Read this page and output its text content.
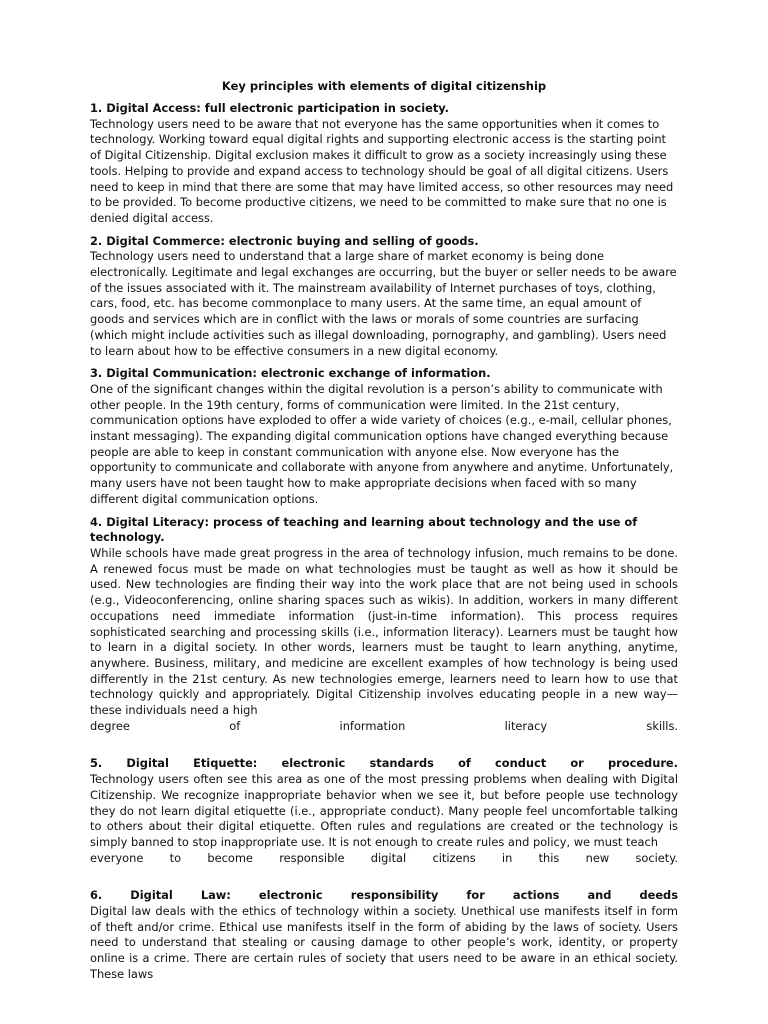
Key principles with elements of digital citizenship
1. Digital Access: full electronic participation in society.
Technology users need to be aware that not everyone has the same opportunities when it comes to technology. Working toward equal digital rights and supporting electronic access is the starting point of Digital Citizenship. Digital exclusion makes it difficult to grow as a society increasingly using these tools. Helping to provide and expand access to technology should be goal of all digital citizens. Users need to keep in mind that there are some that may have limited access, so other resources may need to be provided. To become productive citizens, we need to be committed to make sure that no one is denied digital access.
2. Digital Commerce: electronic buying and selling of goods.
Technology users need to understand that a large share of market economy is being done electronically. Legitimate and legal exchanges are occurring, but the buyer or seller needs to be aware of the issues associated with it. The mainstream availability of Internet purchases of toys, clothing, cars, food, etc. has become commonplace to many users. At the same time, an equal amount of goods and services which are in conflict with the laws or morals of some countries are surfacing (which might include activities such as illegal downloading, pornography, and gambling). Users need to learn about how to be effective consumers in a new digital economy.
3. Digital Communication: electronic exchange of information.
One of the significant changes within the digital revolution is a person’s ability to communicate with other people. In the 19th century, forms of communication were limited. In the 21st century, communication options have exploded to offer a wide variety of choices (e.g., e-mail, cellular phones, instant messaging). The expanding digital communication options have changed everything because people are able to keep in constant communication with anyone else. Now everyone has the opportunity to communicate and collaborate with anyone from anywhere and anytime. Unfortunately, many users have not been taught how to make appropriate decisions when faced with so many different digital communication options.
4. Digital Literacy: process of teaching and learning about technology and the use of technology.
While schools have made great progress in the area of technology infusion, much remains to be done. A renewed focus must be made on what technologies must be taught as well as how it should be used. New technologies are finding their way into the work place that are not being used in schools (e.g., Videoconferencing, online sharing spaces such as wikis). In addition, workers in many different occupations need immediate information (just-in-time information). This process requires sophisticated searching and processing skills (i.e., information literacy). Learners must be taught how to learn in a digital society. In other words, learners must be taught to learn anything, anytime, anywhere. Business, military, and medicine are excellent examples of how technology is being used differently in the 21st century. As new technologies emerge, learners need to learn how to use that technology quickly and appropriately. Digital Citizenship involves educating people in a new way— these individuals need a high
degree of information literacy skills.
5. Digital Etiquette: electronic standards of conduct or procedure.
Technology users often see this area as one of the most pressing problems when dealing with Digital Citizenship. We recognize inappropriate behavior when we see it, but before people use technology they do not learn digital etiquette (i.e., appropriate conduct). Many people feel uncomfortable talking to others about their digital etiquette. Often rules and regulations are created or the technology is simply banned to stop inappropriate use. It is not enough to create rules and policy, we must teach
everyone to become responsible digital citizens in this new society.
6. Digital Law: electronic responsibility for actions and deeds
Digital law deals with the ethics of technology within a society. Unethical use manifests itself in form of theft and/or crime. Ethical use manifests itself in the form of abiding by the laws of society. Users need to understand that stealing or causing damage to other people’s work, identity, or property online is a crime. There are certain rules of society that users need to be aware in an ethical society. These laws
